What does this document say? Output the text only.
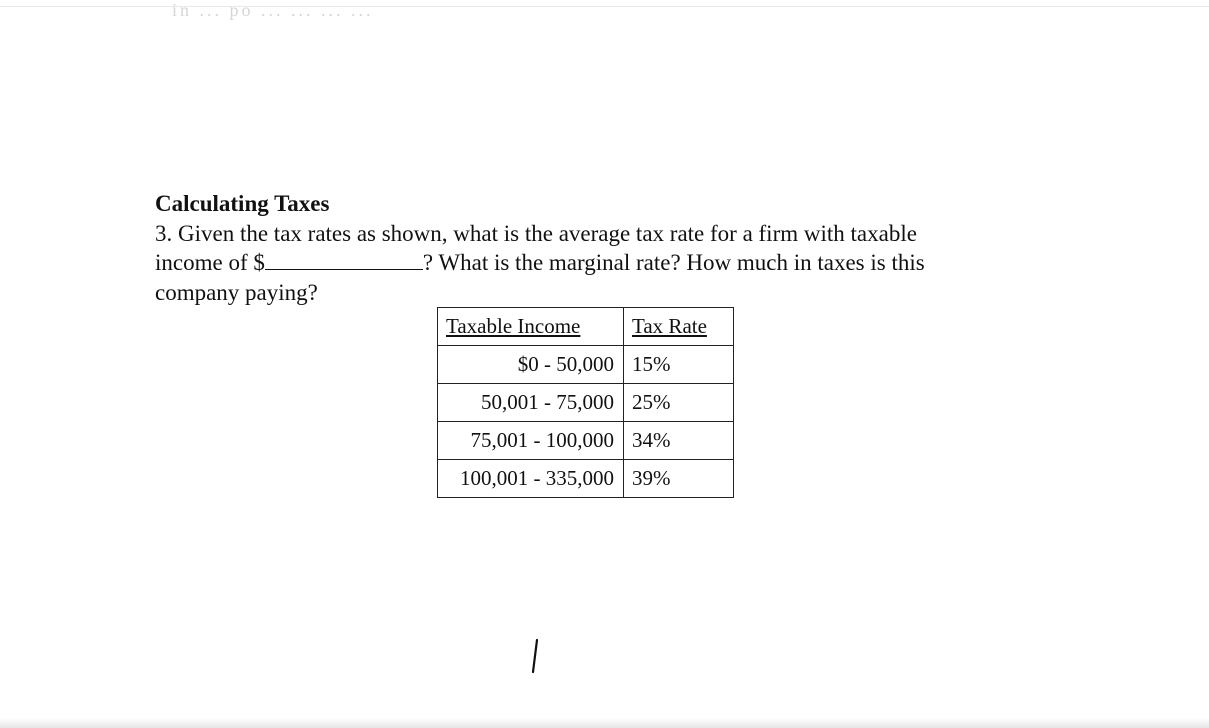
in ... po ... ... ... ...
Calculating Taxes
3. Given the tax rates as shown, what is the average tax rate for a firm with taxable
income of $	? What is the marginal rate? How much in taxes is this
company paying?
Taxable Income	Tax Rate
$0 - 50,000	15%
50,001 - 75,000	25%
75,001 - 100,000	34%
100,001 - 335,000	39%
